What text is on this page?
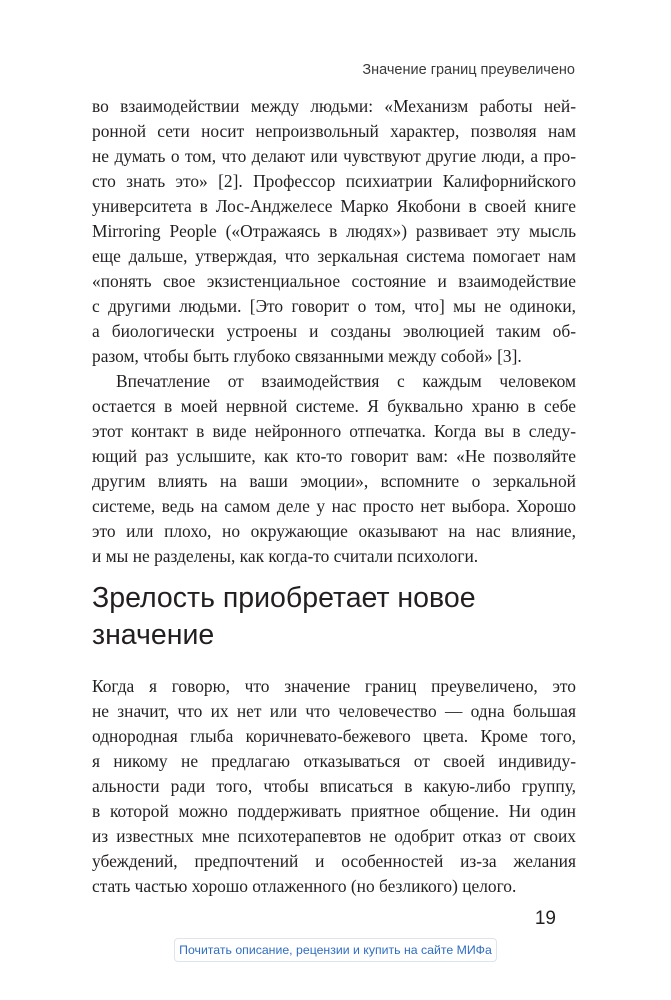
Значение границ преувеличено
во взаимодействии между людьми: «Механизм работы ней-
ронной сети носит непроизвольный характер, позволяя нам
не думать о том, что делают или чувствуют другие люди, а про-
сто знать это» [2]. Профессор психиатрии Калифорнийского
университета в Лос-Анджелесе Марко Якобони в своей книге
Mirroring People («Отражаясь в людях») развивает эту мысль
еще дальше, утверждая, что зеркальная система помогает нам
«понять свое экзистенциальное состояние и взаимодействие
с другими людьми. [Это говорит о том, что] мы не одиноки,
а биологически устроены и созданы эволюцией таким об-
разом, чтобы быть глубоко связанными между собой» [3].
Впечатление от взаимодействия с каждым человеком
остается в моей нервной системе. Я буквально храню в себе
этот контакт в виде нейронного отпечатка. Когда вы в следу-
ющий раз услышите, как кто-то говорит вам: «Не позволяйте
другим влиять на ваши эмоции», вспомните о зеркальной
системе, ведь на самом деле у нас просто нет выбора. Хорошо
это или плохо, но окружающие оказывают на нас влияние,
и мы не разделены, как когда-то считали психологи.
Зрелость приобретает новое
значение
Когда я говорю, что значение границ преувеличено, это
не значит, что их нет или что человечество — одна большая
однородная глыба коричневато-бежевого цвета. Кроме того,
я никому не предлагаю отказываться от своей индивиду-
альности ради того, чтобы вписаться в какую-либо группу,
в которой можно поддерживать приятное общение. Ни один
из известных мне психотерапевтов не одобрит отказ от своих
убеждений, предпочтений и особенностей из-за желания
стать частью хорошо отлаженного (но безликого) целого.
19
Почитать описание, рецензии и купить на сайте МИФа
